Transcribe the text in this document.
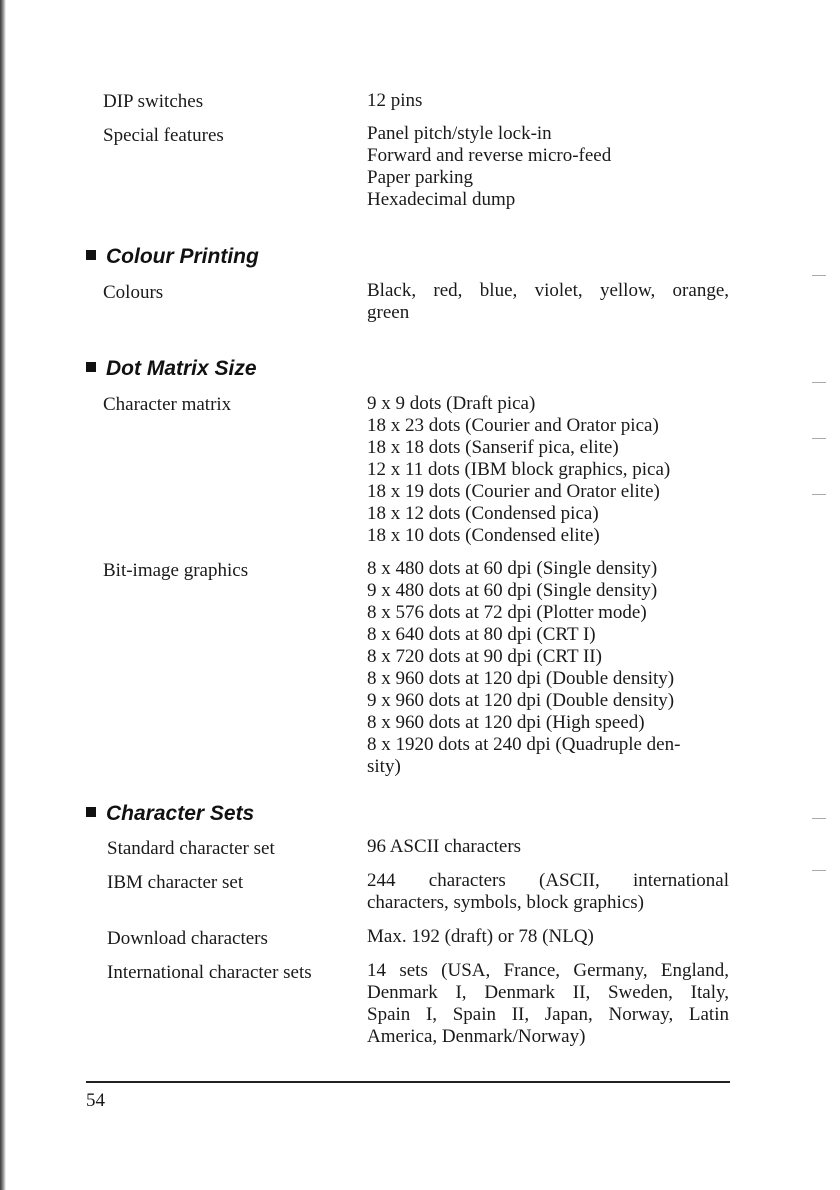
DIP switches	12 pins
Special features	Panel pitch/style lock-in
Forward and reverse micro-feed
Paper parking
Hexadecimal dump
Colour Printing
Colours	Black, red, blue, violet, yellow, orange,
green
Dot Matrix Size
Character matrix	9 x 9 dots (Draft pica)
18 x 23 dots (Courier and Orator pica)
18 x 18 dots (Sanserif pica, elite)
12 x 11 dots (IBM block graphics, pica)
18 x 19 dots (Courier and Orator elite)
18 x 12 dots (Condensed pica)
18 x 10 dots (Condensed elite)
Bit-image graphics	8 x 480 dots at 60 dpi (Single density)
9 x 480 dots at 60 dpi (Single density)
8 x 576 dots at 72 dpi (Plotter mode)
8 x 640 dots at 80 dpi (CRT I)
8 x 720 dots at 90 dpi (CRT II)
8 x 960 dots at 120 dpi (Double density)
9 x 960 dots at 120 dpi (Double density)
8 x 960 dots at 120 dpi (High speed)
8 x 1920 dots at 240 dpi (Quadruple den-
sity)
Character Sets
Standard character set	96 ASCII characters
IBM character set	244 characters (ASCII, international
characters, symbols, block graphics)
Download characters	Max. 192 (draft) or 78 (NLQ)
International character sets	14 sets (USA, France, Germany, England,
Denmark I, Denmark II, Sweden, Italy,
Spain I, Spain II, Japan, Norway, Latin
America, Denmark/Norway)
54
